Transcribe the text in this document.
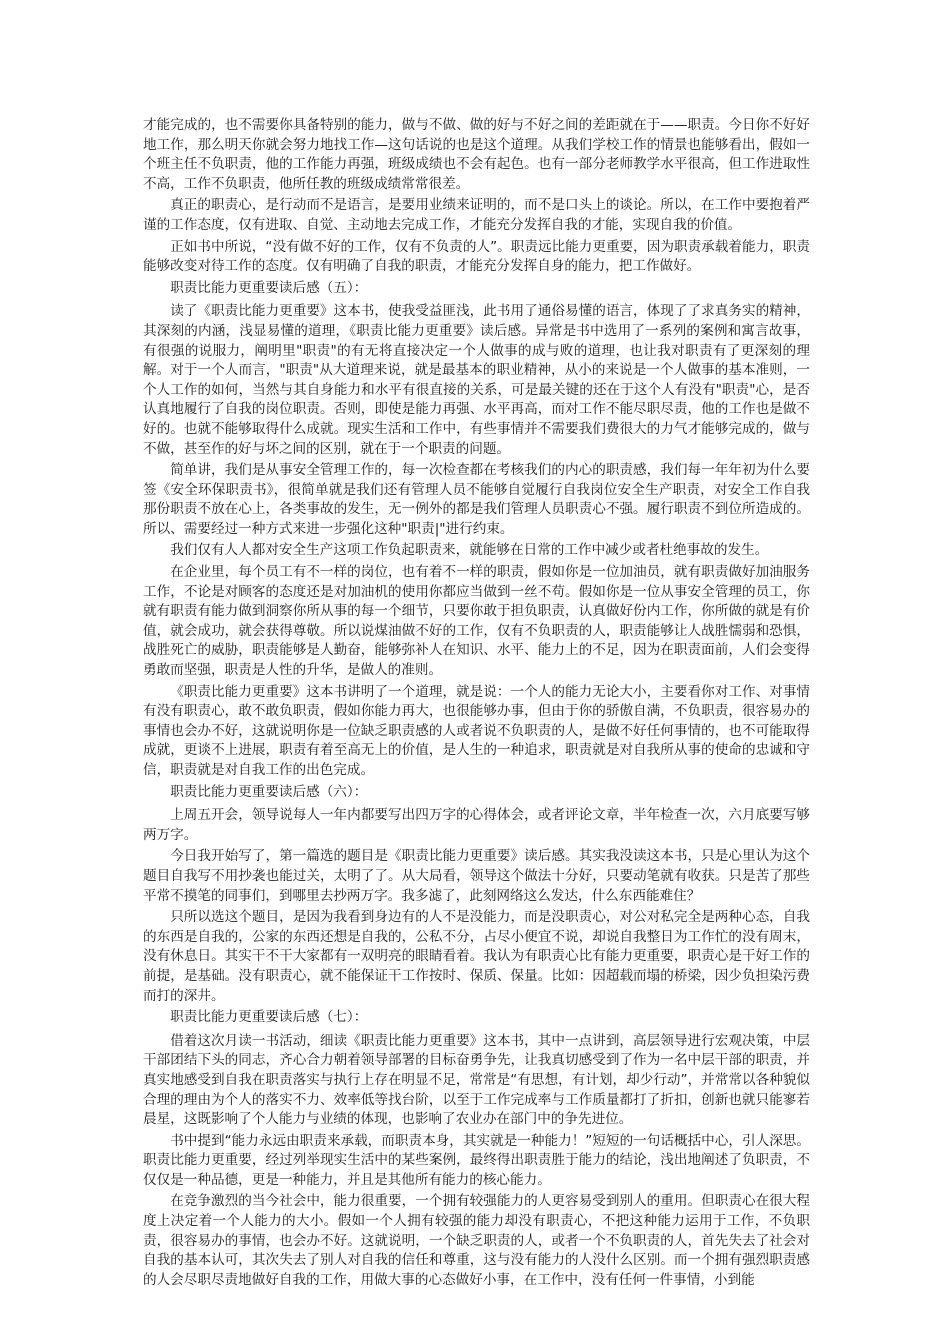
才能完成的，也不需要你具备特别的能力，做与不做、做的好与不好之间的差距就在于——职责。今日你不好好地工作，那么明天你就会努力地找工作—这句话说的也是这个道理。从我们学校工作的情景也能够看出，假如一个班主任不负职责，他的工作能力再强，班级成绩也不会有起色。也有一部分老师教学水平很高，但工作进取性不高，工作不负职责，他所任教的班级成绩常常很差。

真正的职责心，是行动而不是语言，是要用业绩来证明的，而不是口头上的谈论。所以，在工作中要抱着严谨的工作态度，仅有进取、自觉、主动地去完成工作，才能充分发挥自我的才能，实现自我的价值。

正如书中所说，“没有做不好的工作，仅有不负责的人”。职责远比能力更重要，因为职责承载着能力，职责能够改变对待工作的态度。仅有明确了自我的职责，才能充分发挥自身的能力，把工作做好。

职责比能力更重要读后感（五）：

读了《职责比能力更重要》这本书，使我受益匪浅，此书用了通俗易懂的语言，体现了了求真务实的精神，其深刻的内涵，浅显易懂的道理，《职责比能力更重要》读后感。异常是书中选用了一系列的案例和寓言故事，有很强的说服力，阐明里"职责"的有无将直接决定一个人做事的成与败的道理，也让我对职责有了更深刻的理解。对于一个人而言，"职责"从大道理来说，就是最基本的职业精神，从小的来说是一个人做事的基本准则，一个人工作的如何，当然与其自身能力和水平有很直接的关系，可是最关键的还在于这个人有没有"职责"心，是否认真地履行了自我的岗位职责。否则，即使是能力再强、水平再高，而对工作不能尽职尽责，他的工作也是做不好的。也就不能够取得什么成就。现实生活和工作中，有些事情并不需要我们费很大的力气才能够完成的，做与不做，甚至作的好与坏之间的区别，就在于一个职责的问题。

简单讲，我们是从事安全管理工作的，每一次检查都在考核我们的内心的职责感，我们每一年年初为什么要签《安全环保职责书》，很简单就是我们还有管理人员不能够自觉履行自我岗位安全生产职责，对安全工作自我那份职责不放在心上，各类事故的发生，无一例外的都是我们管理人员职责心不强。履行职责不到位所造成的。所以、需要经过一种方式来进一步强化这种"职责|"进行约束。

我们仅有人人都对安全生产这项工作负起职责来，就能够在日常的工作中减少或者杜绝事故的发生。

在企业里，每个员工有不一样的岗位，也有着不一样的职责，假如你是一位加油员，就有职责做好加油服务工作，不论是对顾客的态度还是对加油机的使用你都应当做到一丝不苟。假如你是一位从事安全管理的员工，你就有职责有能力做到洞察你所从事的每一个细节，只要你敢于担负职责，认真做好份内工作，你所做的就是有价值，就会成功，就会获得尊敬。所以说煤油做不好的工作，仅有不负职责的人，职责能够让人战胜懦弱和恐惧，战胜死亡的威胁，职责能够是人勤奋，能够弥补人在知识、水平、能力上的不足，因为在职责面前，人们会变得勇敢而坚强，职责是人性的升华，是做人的准则。

《职责比能力更重要》这本书讲明了一个道理，就是说：一个人的能力无论大小，主要看你对工作、对事情有没有职责心，敢不敢负职责，假如你能力再大，也很能够办事，但由于你的骄傲自满，不负职责，很容易办的事情也会办不好，这就说明你是一位缺乏职责感的人或者说不负职责的人，是做不好任何事情的，也不可能取得成就，更谈不上进展，职责有着至高无上的价值，是人生的一种追求，职责就是对自我所从事的使命的忠诚和守信，职责就是对自我工作的出色完成。

职责比能力更重要读后感（六）：

上周五开会，领导说每人一年内都要写出四万字的心得体会，或者评论文章，半年检查一次，六月底要写够两万字。

今日我开始写了，第一篇选的题目是《职责比能力更重要》读后感。其实我没读这本书，只是心里认为这个题目自我写不用抄袭也能过关，太明了了。从大局看，领导这个做法十分好，只要动笔就有收获。只是苦了那些平常不摸笔的同事们，到哪里去抄两万字。我多滤了，此刻网络这么发达，什么东西能难住？

只所以选这个题目，是因为我看到身边有的人不是没能力，而是没职责心，对公对私完全是两种心态，自我的东西是自我的，公家的东西还想是自我的，公私不分，占尽小便宜不说，却说自我整日为工作忙的没有周末，没有休息日。其实干不干大家都有一双明亮的眼睛看着。我认为有职责心比有能力更重要，职责心是干好工作的前提，是基础。没有职责心，就不能保证干工作按时、保质、保量。比如：因超载而塌的桥梁，因少负担染污费而打的深井。

职责比能力更重要读后感（七）：

借着这次月读一书活动，细读《职责比能力更重要》这本书，其中一点讲到，高层领导进行宏观决策，中层干部团结下头的同志，齐心合力朝着领导部署的目标奋勇争先，让我真切感受到了作为一名中层干部的职责，并真实地感受到自我在职责落实与执行上存在明显不足，常常是“有思想，有计划，却少行动”，并常常以各种貌似合理的理由为个人的落实不力、效率低等找台阶，以至于工作完成率与工作质量都打了折扣，创新也就只能寥若晨星，这既影响了个人能力与业绩的体现，也影响了农业办在部门中的争先进位。

书中提到“能力永远由职责来承载，而职责本身，其实就是一种能力！”短短的一句话概括中心，引人深思。职责比能力更重要，经过列举现实生活中的某些案例，最终得出职责胜于能力的结论，浅出地阐述了负职责，不仅仅是一种品德，更是一种能力，并且是其他所有能力的核心能力。

在竞争激烈的当今社会中，能力很重要，一个拥有较强能力的人更容易受到别人的重用。但职责心在很大程度上决定着一个人能力的大小。假如一个人拥有较强的能力却没有职责心，不把这种能力运用于工作，不负职责，很容易办的事情，也会办不好。这就说明，一个缺乏职责的人，或者一个不负职责的人，首先失去了社会对自我的基本认可，其次失去了别人对自我的信任和尊重，这与没有能力的人没什么区别。而一个拥有强烈职责感的人会尽职尽责地做好自我的工作，用做大事的心态做好小事，在工作中，没有任何一件事情，小到能
